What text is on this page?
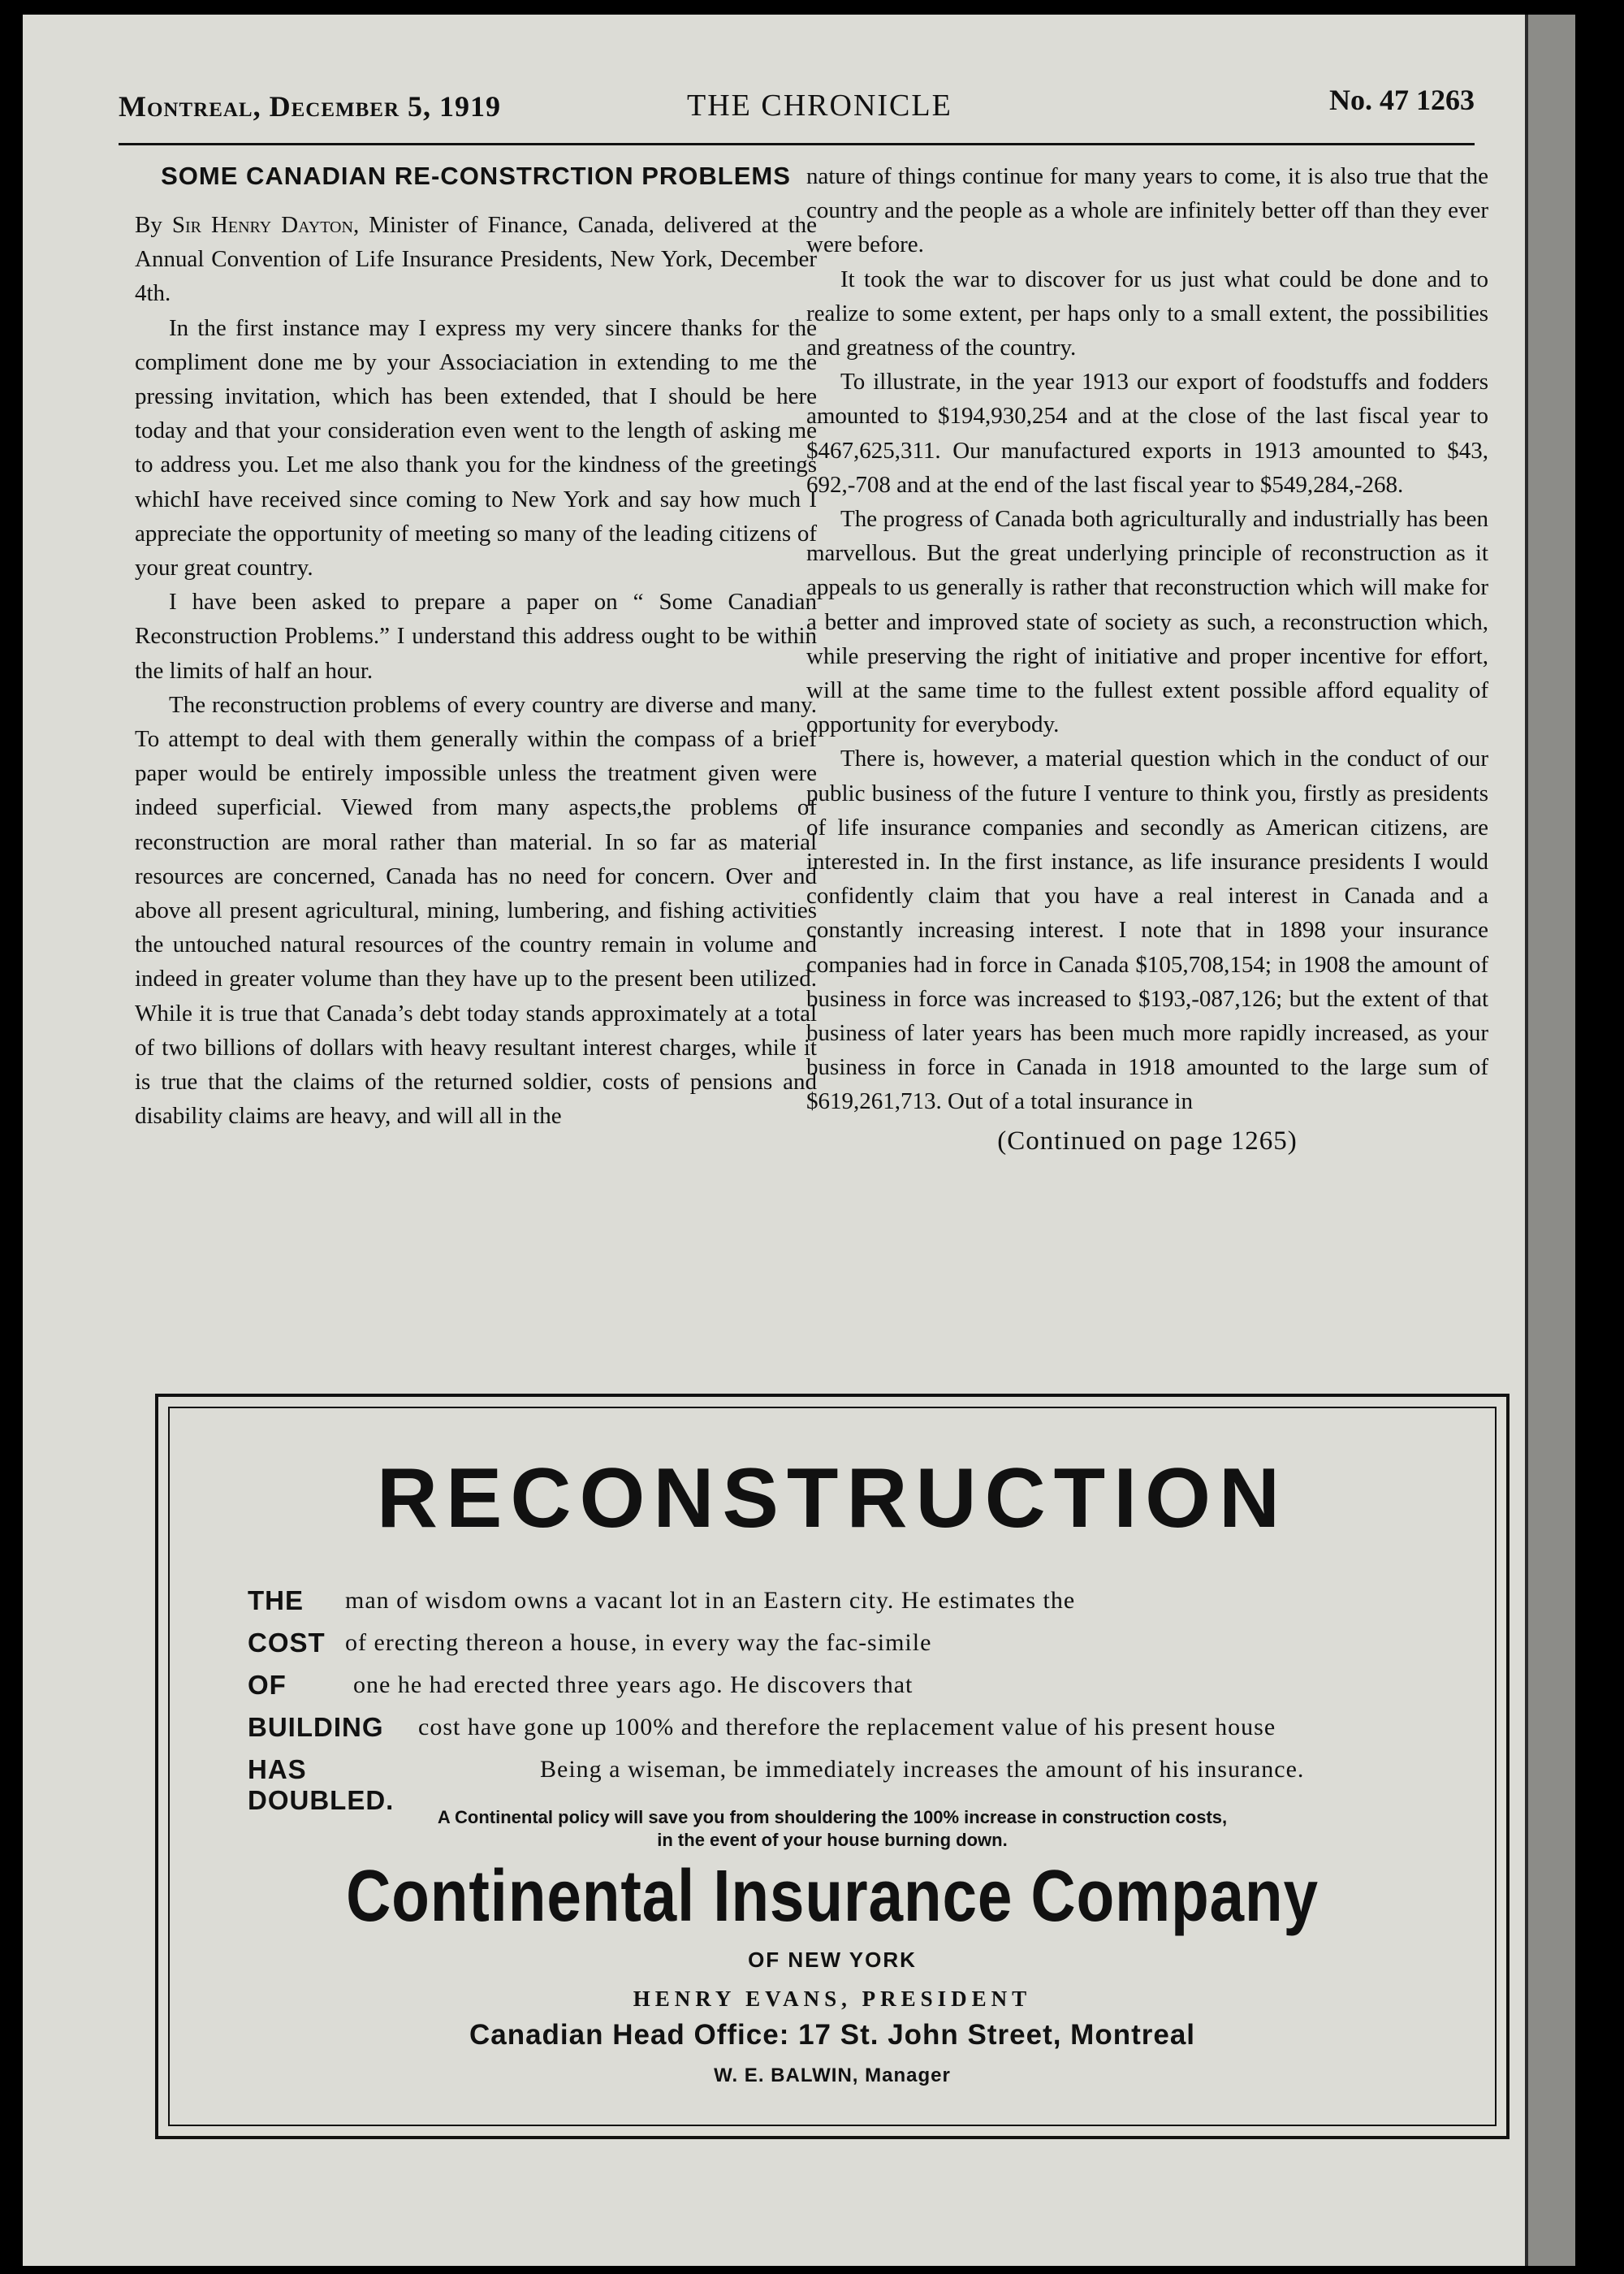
Montreal, December 5, 1919	THE CHRONICLE	No. 47 1263
SOME CANADIAN RE-CONSTRCTION PROBLEMS

By Sir Henry Dayton, Minister of Finance, Canada, delivered at the Annual Convention of Life Insurance Presidents, New York, December 4th.

In the first instance may I express my very sincere thanks for the compliment done me by your Associaciation in extending to me the pressing invitation, which has been extended, that I should be here today and that your consideration even went to the length of asking me to address you. Let me also thank you for the kindness of the greetings whichI have received since coming to New York and say how much I appreciate the opportunity of meeting so many of the leading citizens of your great country.

I have been asked to prepare a paper on “ Some Canadian Reconstruction Problems.” I understand this address ought to be within the limits of half an hour.

The reconstruction problems of every country are diverse and many. To attempt to deal with them generally within the compass of a brief paper would be entirely impossible unless the treatment given were indeed superficial. Viewed from many aspects,the problems of reconstruction are moral rather than material. In so far as material resources are concerned, Canada has no need for concern. Over and above all present agricultural, mining, lumbering, and fishing activities the untouched natural resources of the country remain in volume and indeed in greater volume than they have up to the present been utilized. While it is true that Canada’s debt today stands approximately at a total of two billions of dollars with heavy resultant interest charges, while it is true that the claims of the returned soldier, costs of pensions and disability claims are heavy, and will all in the

nature of things continue for many years to come, it is also true that the country and the people as a whole are infinitely better off than they ever were before.

It took the war to discover for us just what could be done and to realize to some extent, per haps only to a small extent, the possibilities and greatness of the country.

To illustrate, in the year 1913 our export of foodstuffs and fodders amounted to $194,930,254 and at the close of the last fiscal year to $467,625,311. Our manufactured exports in 1913 amounted to $43, 692,-708 and at the end of the last fiscal year to $549,284,-268.

The progress of Canada both agriculturally and industrially has been marvellous. But the great underlying principle of reconstruction as it appeals to us generally is rather that reconstruction which will make for a better and improved state of society as such, a reconstruction which, while preserving the right of initiative and proper incentive for effort, will at the same time to the fullest extent possible afford equality of opportunity for everybody.

There is, however, a material question which in the conduct of our public business of the future I venture to think you, firstly as presidents of life insurance companies and secondly as American citizens, are interested in. In the first instance, as life insurance presidents I would confidently claim that you have a real interest in Canada and a constantly increasing interest. I note that in 1898 your insurance companies had in force in Canada $105,708,154; in 1908 the amount of business in force was increased to $193,-087,126; but the extent of that business of later years has been much more rapidly increased, as your business in force in Canada in 1918 amounted to the large sum of $619,261,713. Out of a total insurance in

(Continued on page 1265)
RECONSTRUCTION
THE man of wisdom owns a vacant lot in an Eastern city. He estimates the
COST of erecting thereon a house, in every way the fac-simile
OF	one he had erected three years ago. He discovers that
BUILDING cost have gone up 100% and therefore the replacement value of his present house
HAS DOUBLED.
Being a wiseman, be immediately increases the amount of his insurance.
A Continental policy will save you from shouldering the 100% increase in construction costs,
in the event of your house burning down.
Continental Insurance Company
OF NEW YORK
HENRY EVANS, PRESIDENT
Canadian Head Office: 17 St. John Street, Montreal
W. E. BALWIN, Manager
